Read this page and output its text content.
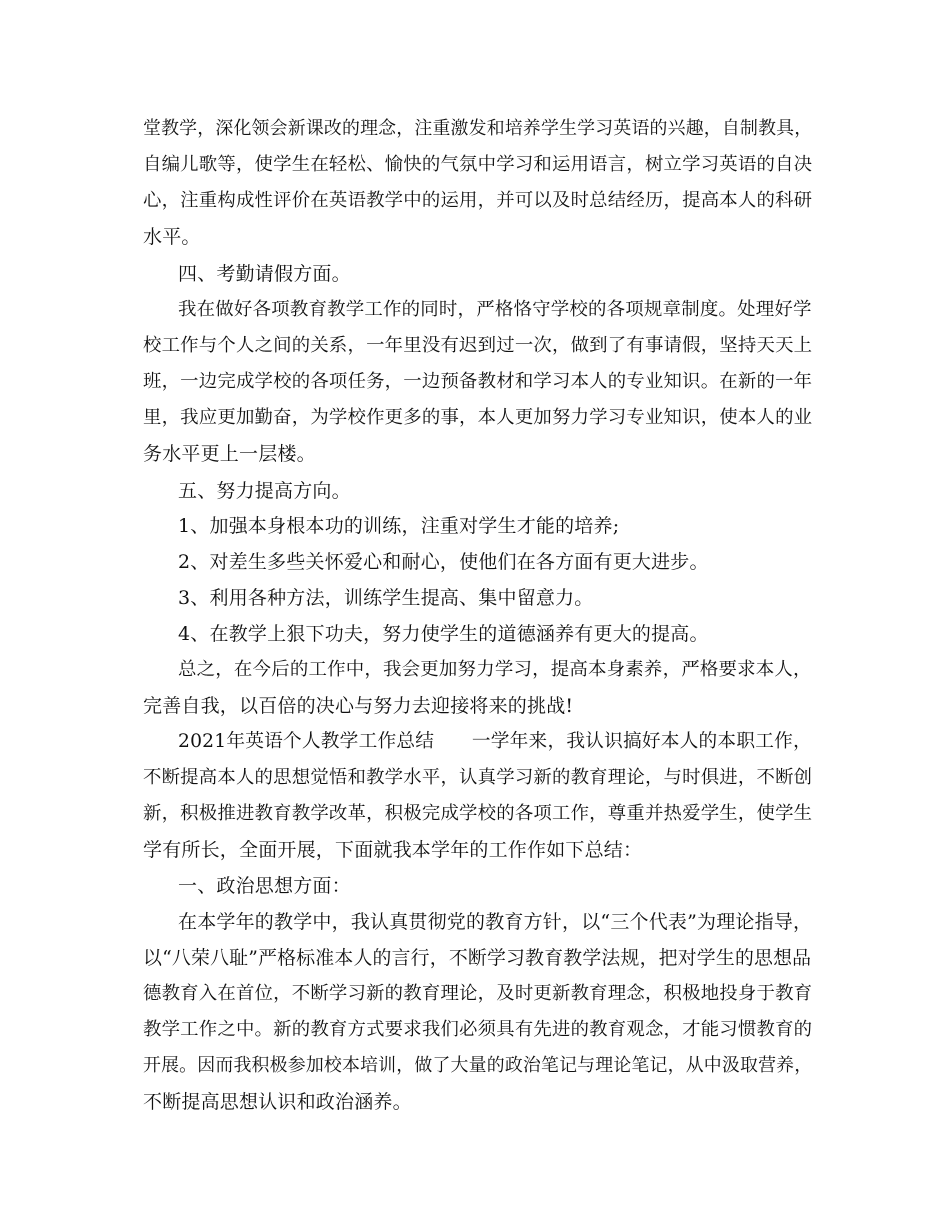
堂教学，深化领会新课改的理念，注重激发和培养学生学习英语的兴趣，自制教具，
自编儿歌等，使学生在轻松、愉快的气氛中学习和运用语言，树立学习英语的自决
心，注重构成性评价在英语教学中的运用，并可以及时总结经历，提高本人的科研
水平。
四、考勤请假方面。
我在做好各项教育教学工作的同时，严格恪守学校的各项规章制度。处理好学
校工作与个人之间的关系，一年里没有迟到过一次，做到了有事请假，坚持天天上
班，一边完成学校的各项任务，一边预备教材和学习本人的专业知识。在新的一年
里，我应更加勤奋，为学校作更多的事，本人更加努力学习专业知识，使本人的业
务水平更上一层楼。
五、努力提高方向。
1、加强本身根本功的训练，注重对学生才能的培养;
2、对差生多些关怀爱心和耐心，使他们在各方面有更大进步。
3、利用各种方法，训练学生提高、集中留意力。
4、在教学上狠下功夫，努力使学生的道德涵养有更大的提高。
总之，在今后的工作中，我会更加努力学习，提高本身素养，严格要求本人，
完善自我，以百倍的决心与努力去迎接将来的挑战!
2021年英语个人教学工作总结　　一学年来，我认识搞好本人的本职工作，
不断提高本人的思想觉悟和教学水平，认真学习新的教育理论，与时俱进，不断创
新，积极推进教育教学改革，积极完成学校的各项工作，尊重并热爱学生，使学生
学有所长，全面开展，下面就我本学年的工作作如下总结：
一、政治思想方面：
在本学年的教学中，我认真贯彻党的教育方针，以“三个代表”为理论指导，
以“八荣八耻”严格标准本人的言行，不断学习教育教学法规，把对学生的思想品
德教育入在首位，不断学习新的教育理论，及时更新教育理念，积极地投身于教育
教学工作之中。新的教育方式要求我们必须具有先进的教育观念，才能习惯教育的
开展。因而我积极参加校本培训，做了大量的政治笔记与理论笔记，从中汲取营养，
不断提高思想认识和政治涵养。
